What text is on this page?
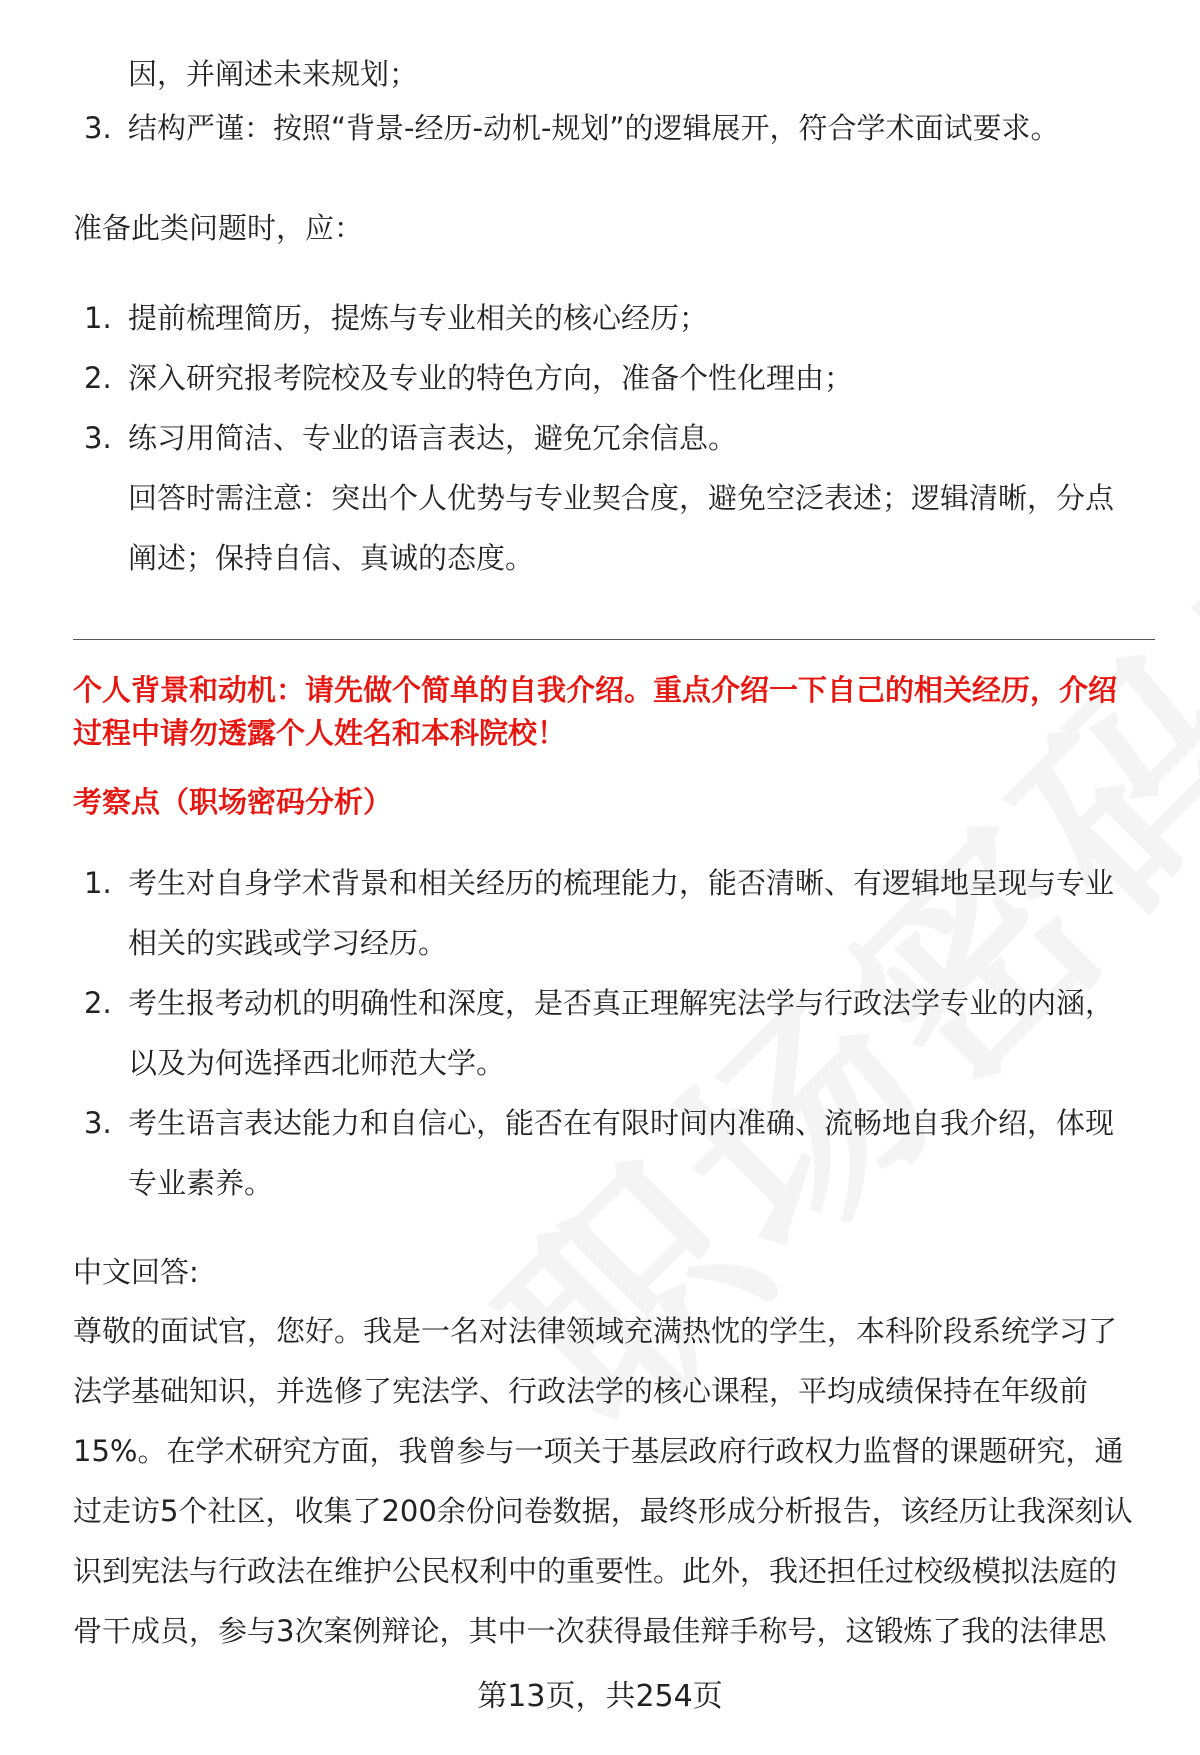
因，并阐述未来规划；
3. 结构严谨：按照“背景-经历-动机-规划”的逻辑展开，符合学术面试要求。
准备此类问题时，应：
1. 提前梳理简历，提炼与专业相关的核心经历；
2. 深入研究报考院校及专业的特色方向，准备个性化理由；
3. 练习用简洁、专业的语言表达，避免冗余信息。
回答时需注意：突出个人优势与专业契合度，避免空泛表述；逻辑清晰，分点
阐述；保持自信、真诚的态度。
个人背景和动机：请先做个简单的自我介绍。重点介绍一下自己的相关经历，介绍
过程中请勿透露个人姓名和本科院校！
考察点（职场密码分析）
1. 考生对自身学术背景和相关经历的梳理能力，能否清晰、有逻辑地呈现与专业
相关的实践或学习经历。
2. 考生报考动机的明确性和深度，是否真正理解宪法学与行政法学专业的内涵，
以及为何选择西北师范大学。
3. 考生语言表达能力和自信心，能否在有限时间内准确、流畅地自我介绍，体现
专业素养。
中文回答:
尊敬的面试官，您好。我是一名对法律领域充满热忱的学生，本科阶段系统学习了
法学基础知识，并选修了宪法学、行政法学的核心课程，平均成绩保持在年级前
15%。在学术研究方面，我曾参与一项关于基层政府行政权力监督的课题研究，通
过走访5个社区，收集了200余份问卷数据，最终形成分析报告，该经历让我深刻认
识到宪法与行政法在维护公民权利中的重要性。此外，我还担任过校级模拟法庭的
骨干成员，参与3次案例辩论，其中一次获得最佳辩手称号，这锻炼了我的法律思
第13页，共254页
